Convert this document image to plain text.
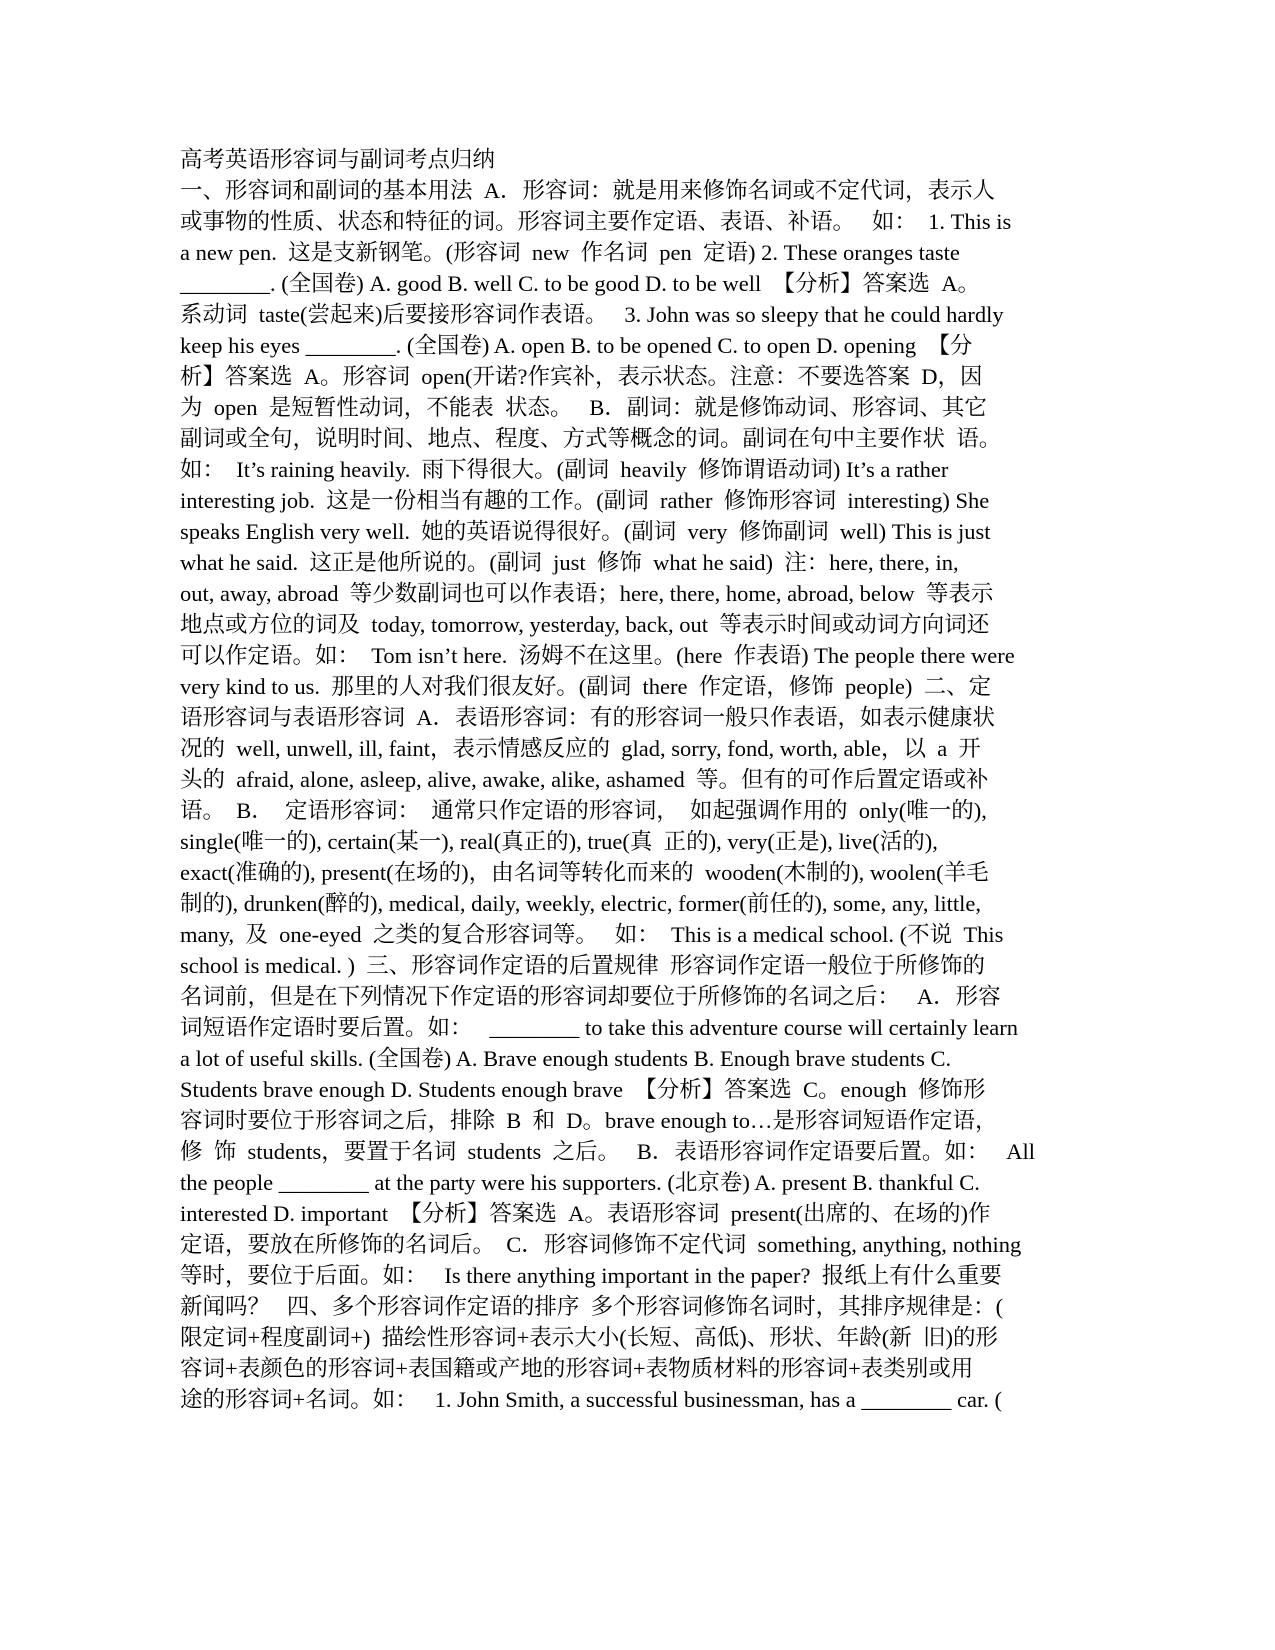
高考英语形容词与副词考点归纳
一、形容词和副词的基本用法  A．形容词：就是用来修饰名词或不定代词，表示人
或事物的性质、状态和特征的词。形容词主要作定语、表语、补语。   如：  1. This is
a new pen.  这是支新钢笔。(形容词  new  作名词  pen  定语) 2. These oranges taste
________. (全国卷) A. good B. well C. to be good D. to be well  【分析】答案选  A。
系动词  taste(尝起来)后要接形容词作表语。   3. John was so sleepy that he could hardly
keep his eyes ________. (全国卷) A. open B. to be opened C. to open D. opening  【分
析】答案选  A。形容词  open(开诺?作宾补，表示状态。注意：不要选答案  D，因
为  open  是短暂性动词，不能表  状态。   B．副词：就是修饰动词、形容词、其它
副词或全句，说明时间、地点、程度、方式等概念的词。副词在句中主要作状  语。
如：  It’s raining heavily.  雨下得很大。(副词  heavily  修饰谓语动词) It’s a rather
interesting job.  这是一份相当有趣的工作。(副词  rather  修饰形容词  interesting) She
speaks English very well.  她的英语说得很好。(副词  very  修饰副词  well) This is just
what he said.  这正是他所说的。(副词  just  修饰  what he said)  注：here, there, in,
out, away, abroad  等少数副词也可以作表语；here, there, home, abroad, below  等表示
地点或方位的词及  today, tomorrow, yesterday, back, out  等表示时间或动词方向词还
可以作定语。如：  Tom isn’t here.  汤姆不在这里。(here  作表语) The people there were
very kind to us.  那里的人对我们很友好。(副词  there  作定语，修饰  people)  二、定
语形容词与表语形容词  A．表语形容词：有的形容词一般只作表语，如表示健康状
况的  well, unwell, ill, faint，表示情感反应的  glad, sorry, fond, worth, able，以  a  开
头的  afraid, alone, asleep, alive, awake, alike, ashamed  等。但有的可作后置定语或补
语。  B．  定语形容词：  通常只作定语的形容词，  如起强调作用的  only(唯一的),
single(唯一的), certain(某一), real(真正的), true(真  正的), very(正是), live(活的),
exact(准确的), present(在场的)，由名词等转化而来的  wooden(木制的), woolen(羊毛
制的), drunken(醉的), medical, daily, weekly, electric, former(前任的), some, any, little,
many,  及  one-eyed  之类的复合形容词等。   如：  This is a medical school. (不说  This
school is medical. )  三、形容词作定语的后置规律  形容词作定语一般位于所修饰的
名词前，但是在下列情况下作定语的形容词却要位于所修饰的名词之后：   A．形容
词短语作定语时要后置。如：   ________ to take this adventure course will certainly learn
a lot of useful skills. (全国卷) A. Brave enough students B. Enough brave students C.
Students brave enough D. Students enough brave  【分析】答案选  C。enough  修饰形
容词时要位于形容词之后，排除  B  和  D。brave enough to…是形容词短语作定语，
修  饰  students，要置于名词  students  之后。   B．表语形容词作定语要后置。如：   All
the people ________ at the party were his supporters. (北京卷) A. present B. thankful C.
interested D. important  【分析】答案选  A。表语形容词  present(出席的、在场的)作
定语，要放在所修饰的名词后。  C．形容词修饰不定代词  something, anything, nothing
等时，要位于后面。如：   Is there anything important in the paper?  报纸上有什么重要
新闻吗？   四、多个形容词作定语的排序  多个形容词修饰名词时，其排序规律是：(
限定词+程度副词+)  描绘性形容词+表示大小(长短、高低)、形状、年龄(新  旧)的形
容词+表颜色的形容词+表国籍或产地的形容词+表物质材料的形容词+表类别或用
途的形容词+名词。如：   1. John Smith, a successful businessman, has a ________ car. (
